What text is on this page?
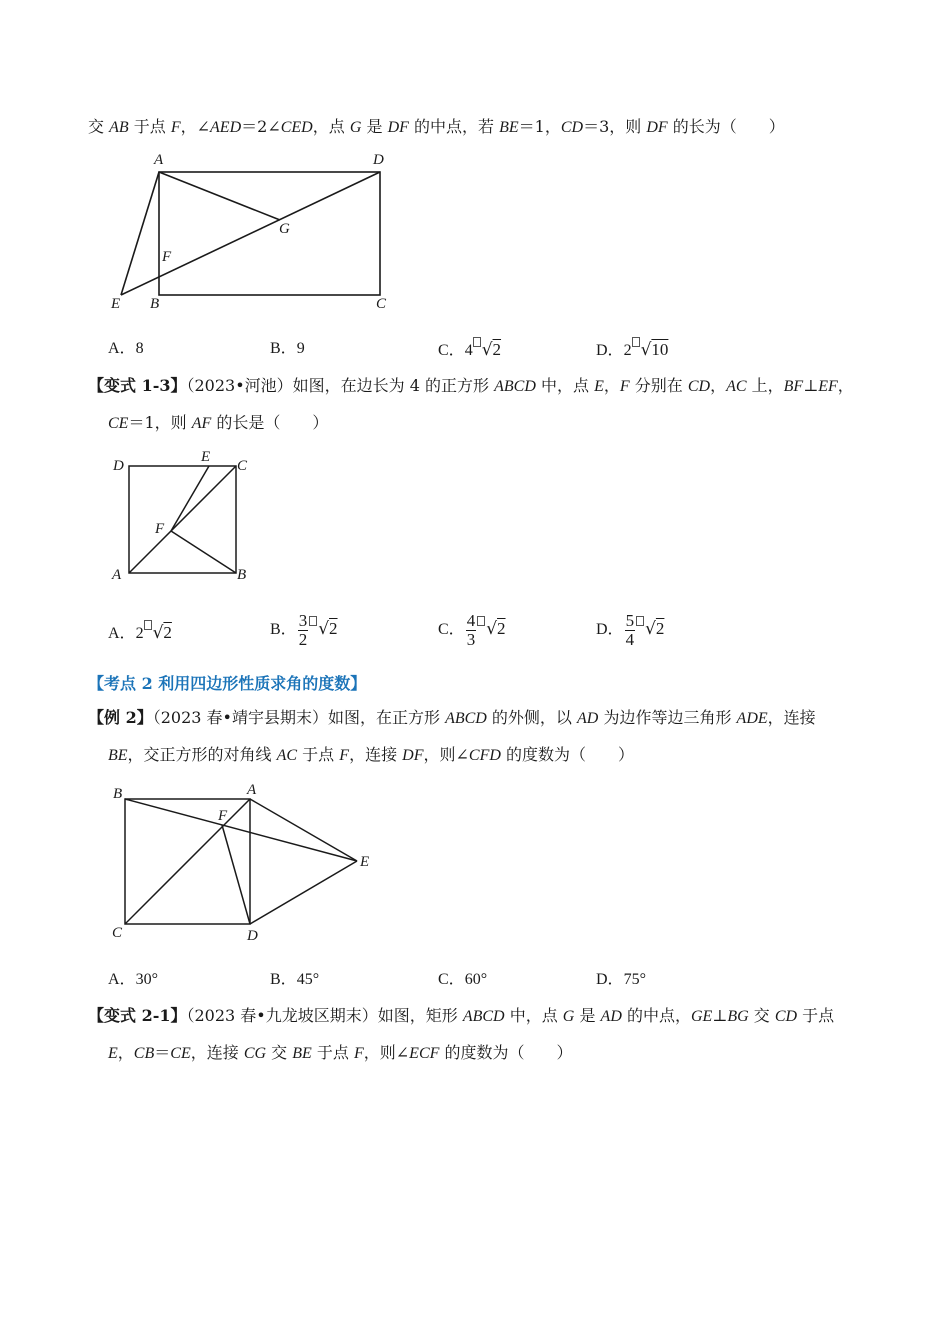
交 AB 于点 F，∠AED＝2∠CED，点 G 是 DF 的中点，若 BE＝1，CD＝3，则 DF 的长为（　　）
A	D
G
F
E B	C
A．8	B．9	C．4 √2	D．2 √10
【变式 1-3】（2023•河池）如图，在边长为 4 的正方形 ABCD 中，点 E，F 分别在 CD，AC 上，BF⊥EF，
CE＝1，则 AF 的长是（　　）
D
E
C
F
A	B
A．2 √2	B． $\frac{3}{2} √2$	C． $\frac{4}{3} √2$	D． $\frac{5}{4} √2$
【考点 2 利用四边形性质求角的度数】
【例 2】（2023 春•靖宇县期末）如图，在正方形 ABCD 的外侧，以 AD 为边作等边三角形 ADE，连接
BE，交正方形的对角线 AC 于点 F，连接 DF，则∠CFD 的度数为（　　）
B	A
F
E
C	D
A．30°	B．45°	C．60°	D．75°
【变式 2-1】（2023 春•九龙坡区期末）如图，矩形 ABCD 中，点 G 是 AD 的中点，GE⊥BG 交 CD 于点
E，CB＝CE，连接 CG 交 BE 于点 F，则∠ECF 的度数为（　　）
